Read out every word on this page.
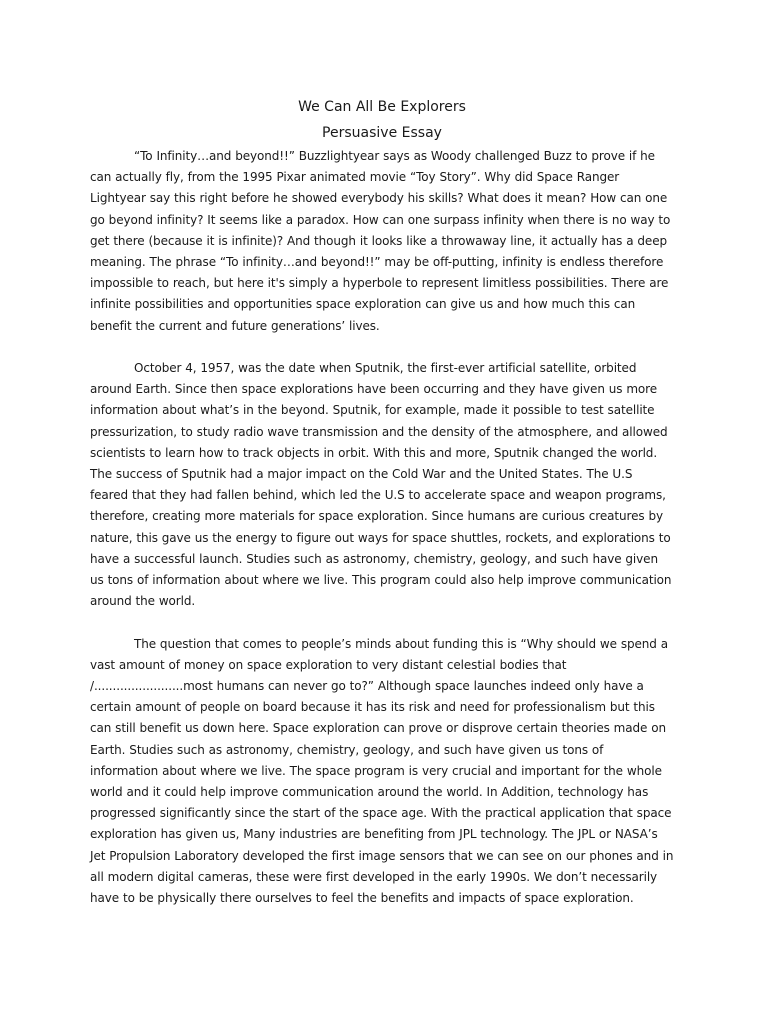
We Can All Be Explorers
Persuasive Essay

“To Infinity…and beyond!!” Buzzlightyear says as Woody challenged Buzz to prove if he can actually fly, from the 1995 Pixar animated movie “Toy Story”. Why did Space Ranger Lightyear say this right before he showed everybody his skills? What does it mean? How can one go beyond infinity? It seems like a paradox. How can one surpass infinity when there is no way to get there (because it is infinite)? And though it looks like a throwaway line, it actually has a deep meaning. The phrase “To infinity…and beyond!!” may be off-putting, infinity is endless therefore impossible to reach, but here it's simply a hyperbole to represent limitless possibilities. There are infinite possibilities and opportunities space exploration can give us and how much this can benefit the current and future generations’ lives.

October 4, 1957, was the date when Sputnik, the first-ever artificial satellite, orbited around Earth. Since then space explorations have been occurring and they have given us more information about what’s in the beyond. Sputnik, for example, made it possible to test satellite pressurization, to study radio wave transmission and the density of the atmosphere, and allowed scientists to learn how to track objects in orbit. With this and more, Sputnik changed the world. The success of Sputnik had a major impact on the Cold War and the United States. The U.S feared that they had fallen behind, which led the U.S to accelerate space and weapon programs, therefore, creating more materials for space exploration. Since humans are curious creatures by nature, this gave us the energy to figure out ways for space shuttles, rockets, and explorations to have a successful launch. Studies such as astronomy, chemistry, geology, and such have given us tons of information about where we live. This program could also help improve communication around the world.

The question that comes to people’s minds about funding this is “Why should we spend a vast amount of money on space exploration to very distant celestial bodies that /........................most humans can never go to?” Although space launches indeed only have a certain amount of people on board because it has its risk and need for professionalism but this can still benefit us down here. Space exploration can prove or disprove certain theories made on Earth. Studies such as astronomy, chemistry, geology, and such have given us tons of information about where we live. The space program is very crucial and important for the whole world and it could help improve communication around the world. In Addition, technology has progressed significantly since the start of the space age. With the practical application that space exploration has given us, Many industries are benefiting from JPL technology. The JPL or NASA’s Jet Propulsion Laboratory developed the first image sensors that we can see on our phones and in all modern digital cameras, these were first developed in the early 1990s. We don’t necessarily have to be physically there ourselves to feel the benefits and impacts of space exploration.
